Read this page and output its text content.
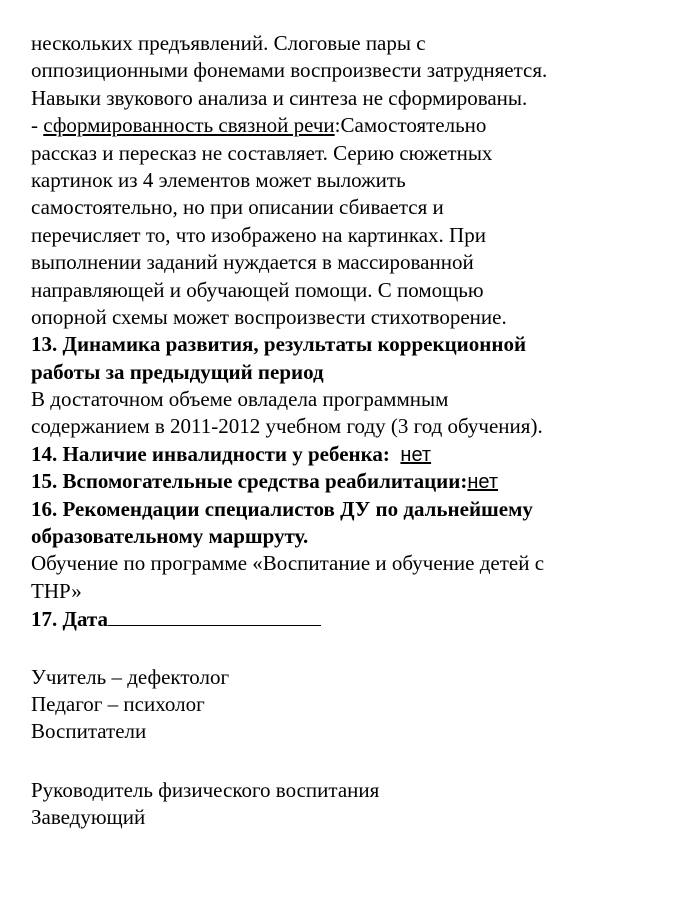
нескольких предъявлений. Слоговые пары с
оппозиционными фонемами воспроизвести затрудняется.
Навыки звукового анализа и синтеза не сформированы.
- сформированность связной речи:Самостоятельно
рассказ и пересказ не составляет. Серию сюжетных
картинок из 4 элементов может выложить
самостоятельно, но при описании сбивается и
перечисляет то, что изображено на картинках. При
выполнении заданий нуждается в массированной
направляющей и обучающей помощи. С помощью
опорной схемы может воспроизвести стихотворение.
13. Динамика развития, результаты коррекционной
работы за предыдущий период
В достаточном объеме овладела программным
содержанием в 2011-2012 учебном году (3 год обучения).
14. Наличие инвалидности у ребенка:  нет
15. Вспомогательные средства реабилитации:нет
16. Рекомендации специалистов ДУ по дальнейшему
образовательному маршруту.
Обучение по программе «Воспитание и обучение детей с
ТНР»
17. Дата
Учитель – дефектолог
Педагог – психолог
Воспитатели
Руководитель физического воспитания
Заведующий
